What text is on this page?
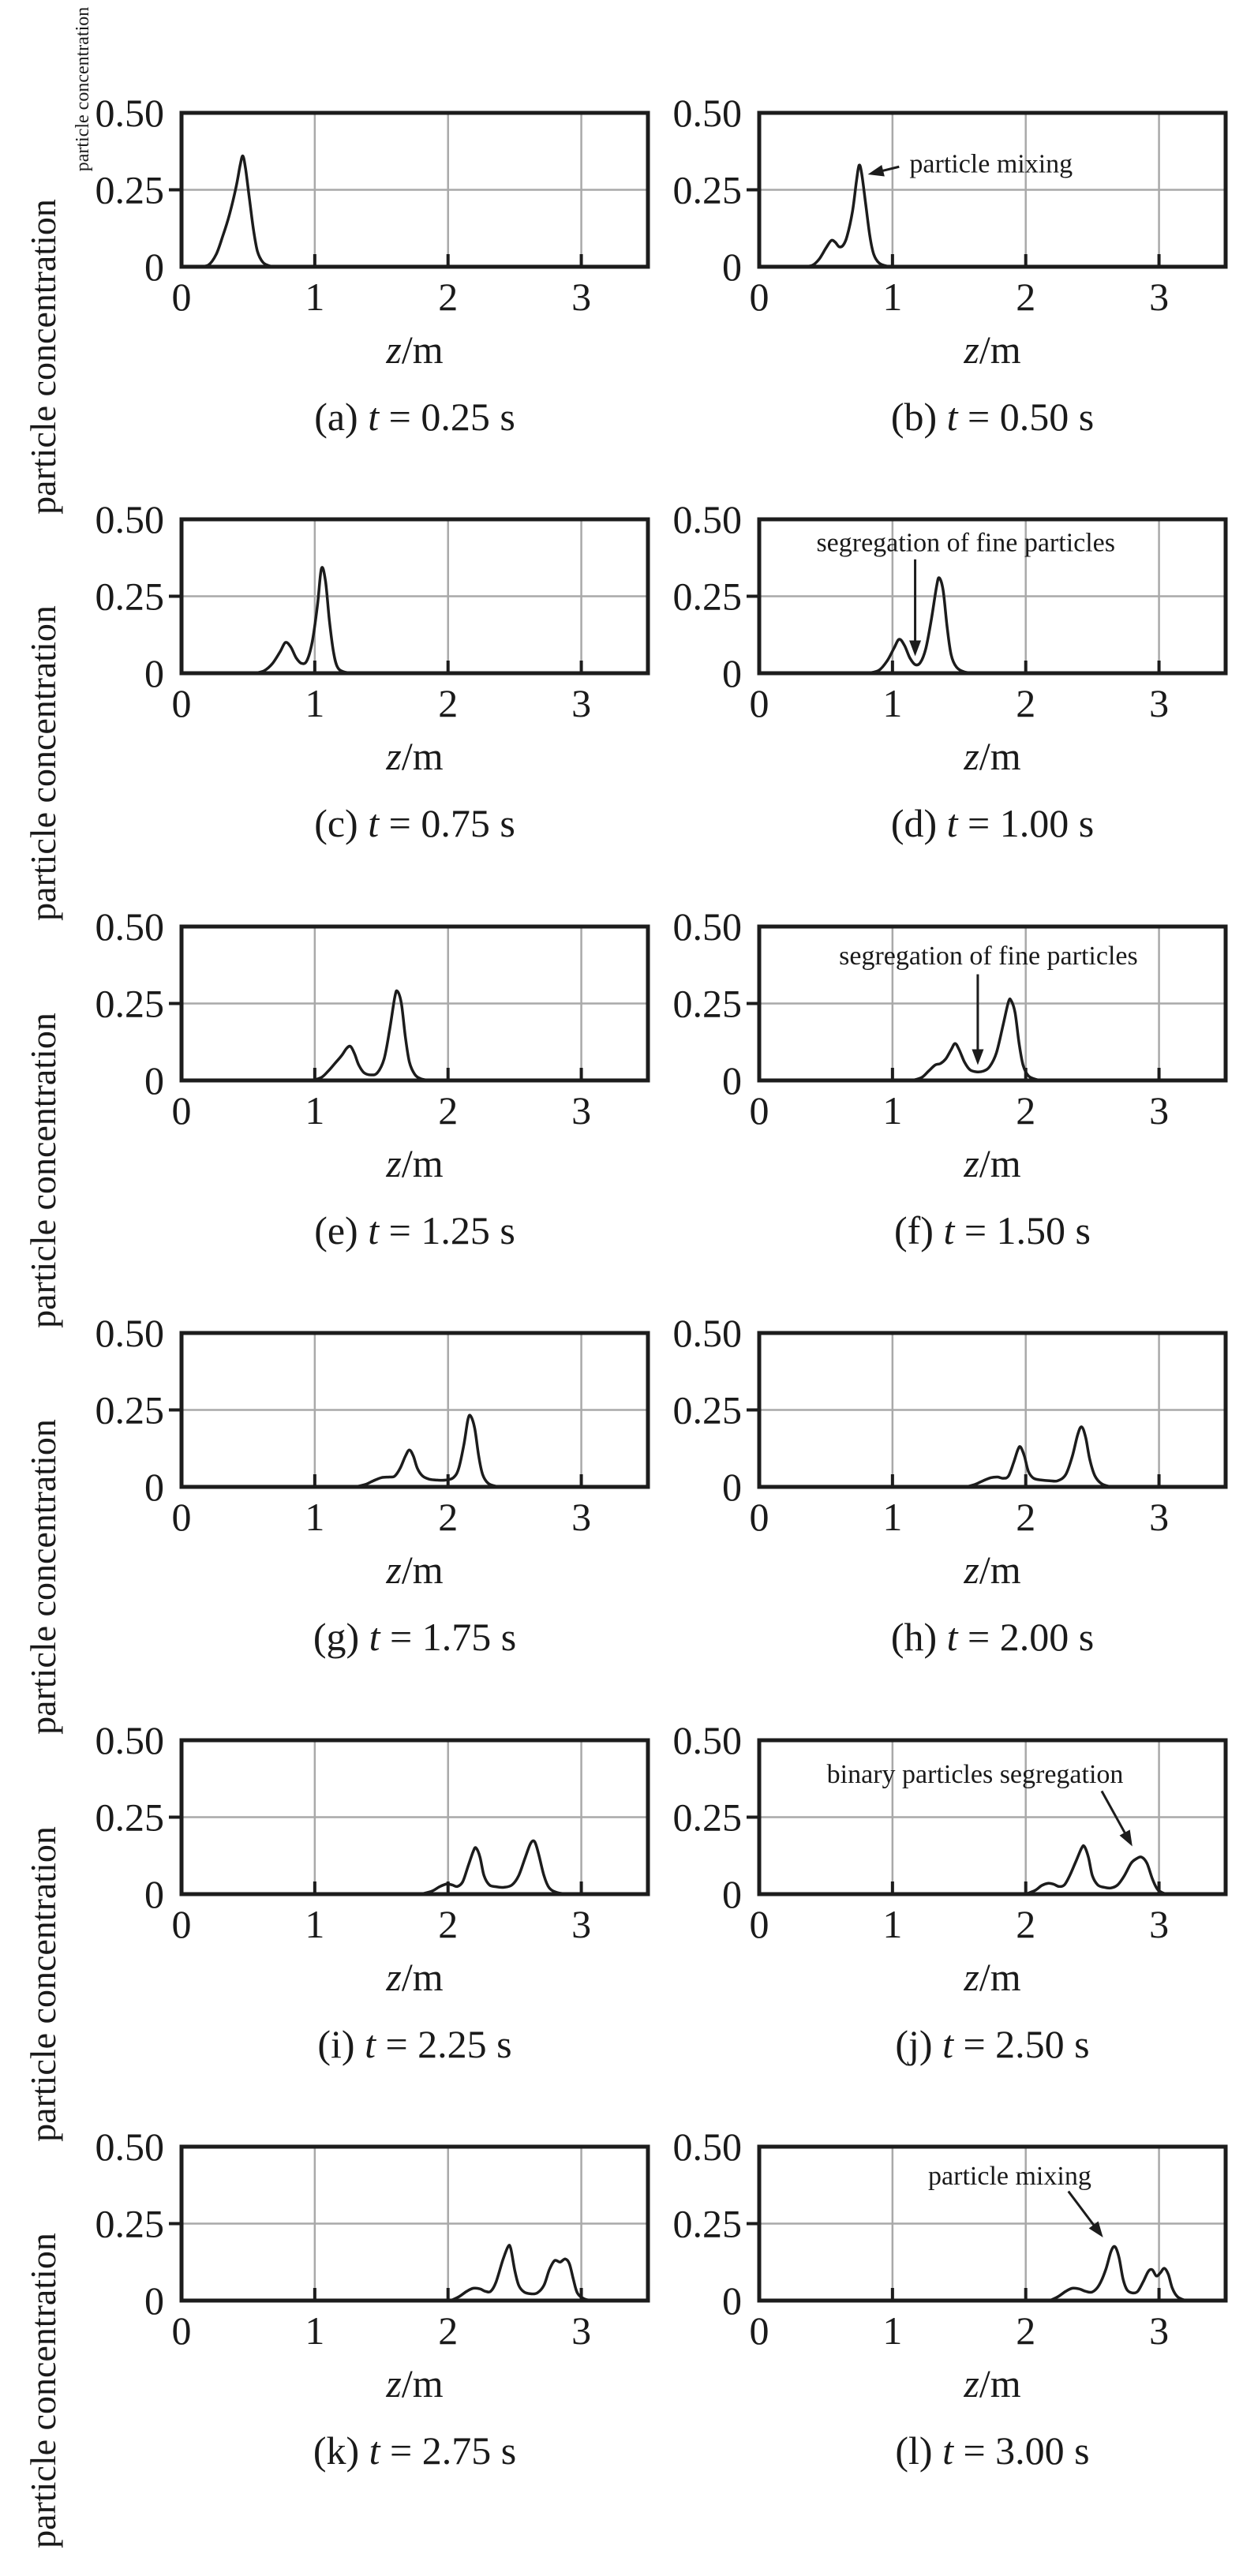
particle concentration
particle concentration
particle concentration
particle concentration
particle concentration
particle concentration
particle concentration
0.50
0.25
0
0	1	2	3
z/m
(a) t = 0.25 s
0.50
0.25
0
0	1	2	3
z/m
(b) t = 0.50 s
particle mixing
0.50
0.25
0
0	1	2	3
z/m
(c) t = 0.75 s
0.50
0.25
0
0	1	2	3
z/m
(d) t = 1.00 s
segregation of fine particles
0.50
0.25
0
0	1	2	3
z/m
(e) t = 1.25 s
0.50
0.25
0
0	1	2	3
z/m
(f) t = 1.50 s
segregation of fine particles
0.50
0.25
0
0	1	2	3
z/m
(g) t = 1.75 s
0.50
0.25
0
0	1	2	3
z/m
(h) t = 2.00 s
0.50
0.25
0
0	1	2	3
z/m
(i) t = 2.25 s
0.50
0.25
0
0	1	2	3
z/m
(j) t = 2.50 s
binary particles segregation
0.50
0.25
0
0	1	2	3
z/m
(k) t = 2.75 s
0.50
0.25
0
0	1	2	3
z/m
(l) t = 3.00 s
particle mixing
